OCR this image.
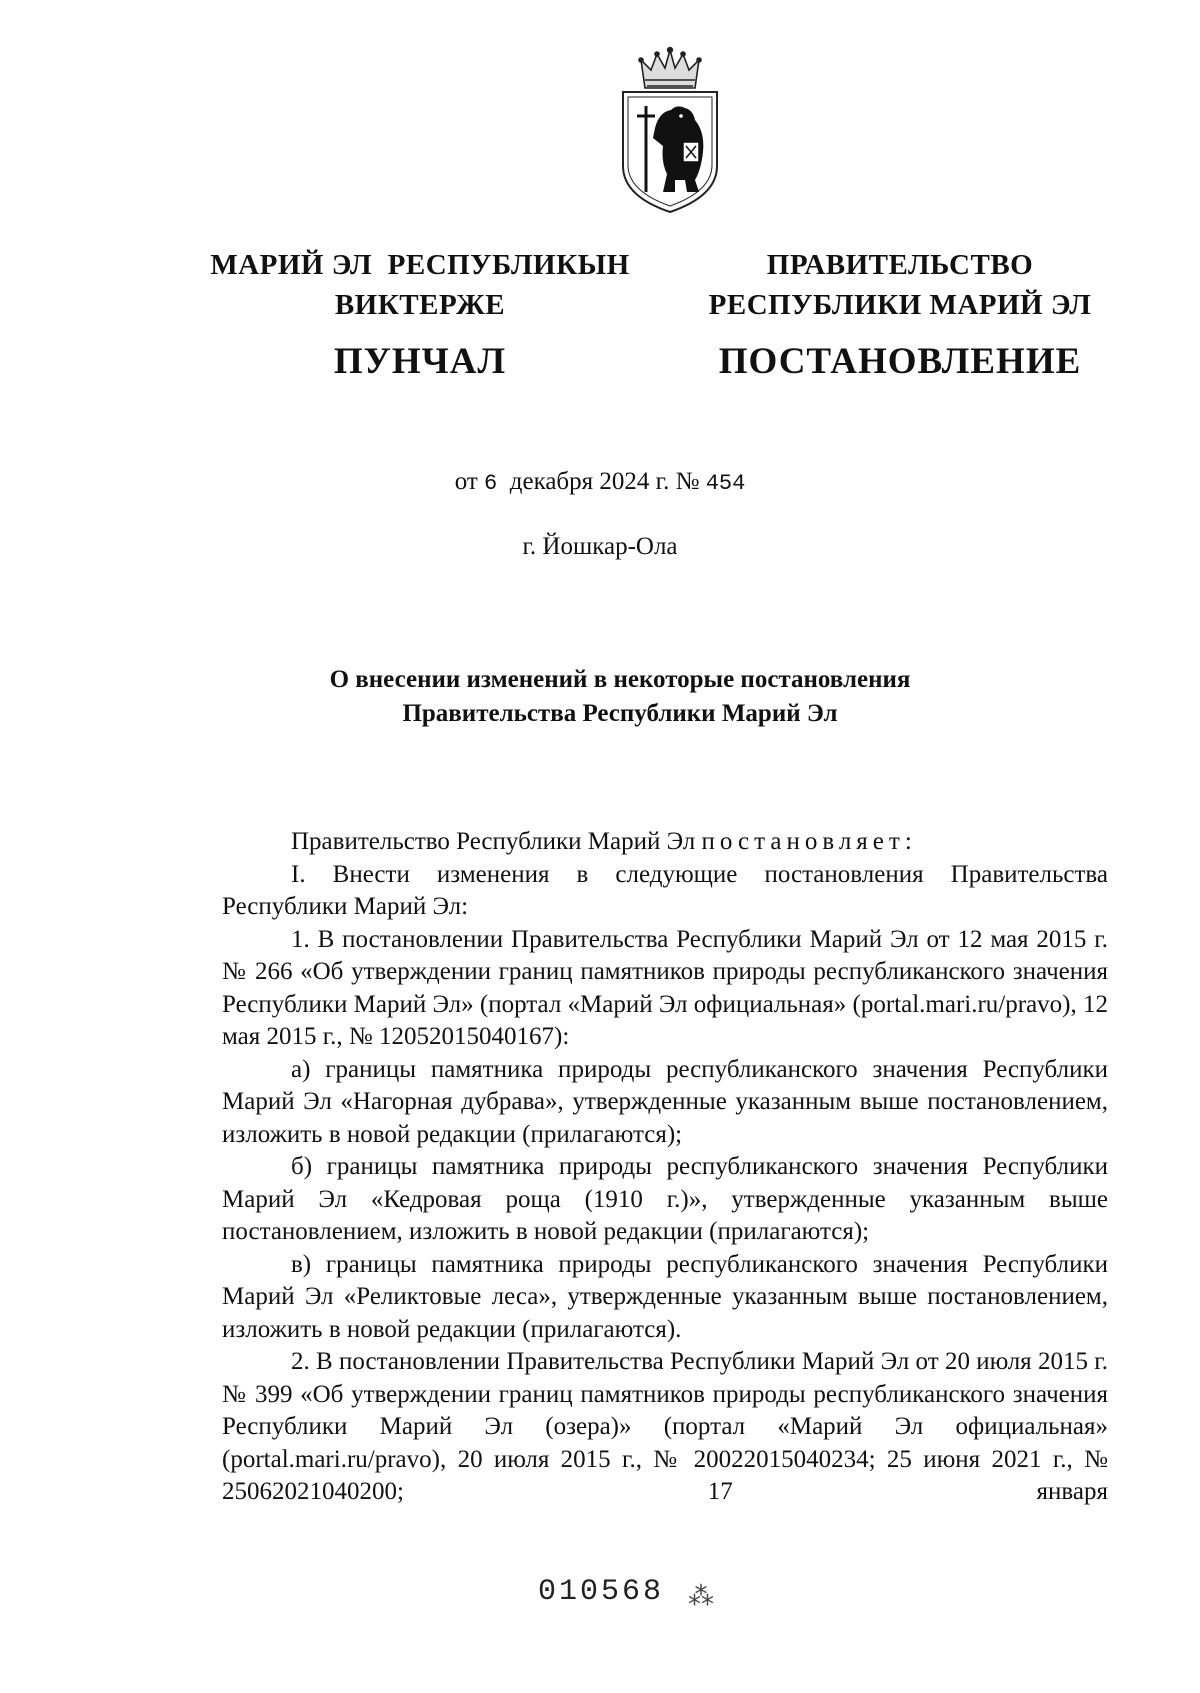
МАРИЙ ЭЛ  РЕСПУБЛИКЫН
ВИКТЕРЖЕ
ПУНЧАЛ
ПРАВИТЕЛЬСТВО
РЕСПУБЛИКИ МАРИЙ ЭЛ
ПОСТАНОВЛЕНИЕ
от 6 декабря 2024 г. № 454
г. Йошкар-Ола
О внесении изменений в некоторые постановления
Правительства Республики Марий Эл

Правительство Республики Марий Эл постановляет:

I. Внести изменения в следующие постановления Правительства Республики Марий Эл:

1. В постановлении Правительства Республики Марий Эл от 12 мая 2015 г. № 266 «Об утверждении границ памятников природы республиканского значения Республики Марий Эл» (портал «Марий Эл официальная» (portal.mari.ru/pravo), 12 мая 2015 г., № 12052015040167):

а) границы памятника природы республиканского значения Республики Марий Эл «Нагорная дубрава», утвержденные указанным выше постановлением, изложить в новой редакции (прилагаются);

б) границы памятника природы республиканского значения Республики Марий Эл «Кедровая роща (1910 г.)», утвержденные указанным выше постановлением, изложить в новой редакции (прилагаются);

в) границы памятника природы республиканского значения Республики Марий Эл «Реликтовые леса», утвержденные указанным выше постановлением, изложить в новой редакции (прилагаются).

2. В постановлении Правительства Республики Марий Эл от 20 июля 2015 г. № 399 «Об утверждении границ памятников природы республиканского значения Республики Марий Эл (озера)» (портал «Марий Эл официальная» (portal.mari.ru/pravo), 20 июля 2015 г., № 20022015040234; 25 июня 2021 г., № 25062021040200; 17 января

010568 ⁂
